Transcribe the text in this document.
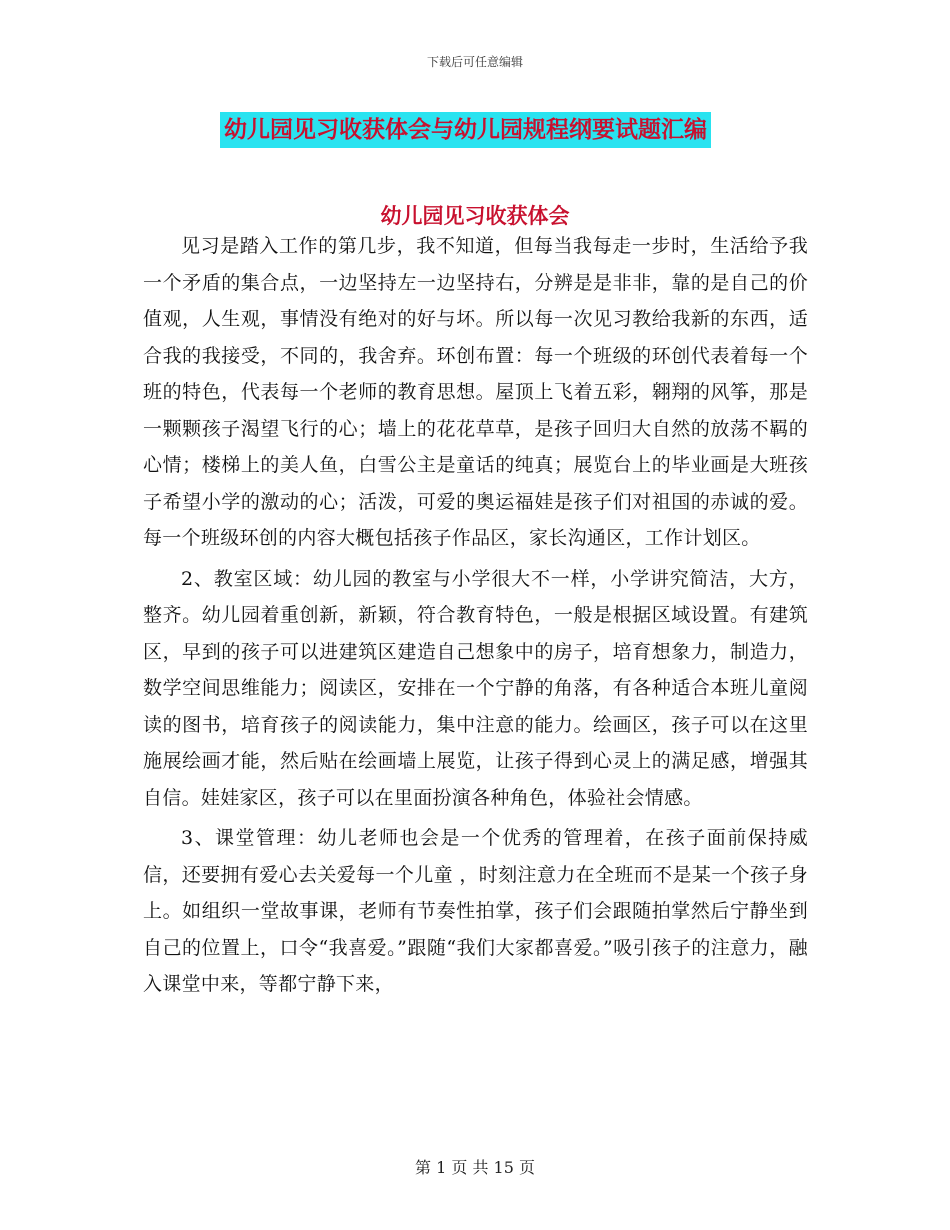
下载后可任意编辑
幼儿园见习收获体会与幼儿园规程纲要试题汇编
幼儿园见习收获体会

见习是踏入工作的第几步，我不知道，但每当我每走一步时，生活给予我一个矛盾的集合点，一边坚持左一边坚持右，分辨是是非非，靠的是自己的价值观，人生观，事情没有绝对的好与坏。所以每一次见习教给我新的东西，适合我的我接受，不同的，我舍弃。环创布置：每一个班级的环创代表着每一个班的特色，代表每一个老师的教育思想。屋顶上飞着五彩，翱翔的风筝，那是一颗颗孩子渴望飞行的心；墙上的花花草草，是孩子回归大自然的放荡不羁的心情；楼梯上的美人鱼，白雪公主是童话的纯真；展览台上的毕业画是大班孩子希望小学的激动的心；活泼，可爱的奥运福娃是孩子们对祖国的赤诚的爱。每一个班级环创的内容大概包括孩子作品区，家长沟通区，工作计划区。

2、教室区域：幼儿园的教室与小学很大不一样，小学讲究简洁，大方，整齐。幼儿园着重创新，新颖，符合教育特色，一般是根据区域设置。有建筑区，早到的孩子可以进建筑区建造自己想象中的房子，培育想象力，制造力，数学空间思维能力；阅读区，安排在一个宁静的角落，有各种适合本班儿童阅读的图书，培育孩子的阅读能力，集中注意的能力。绘画区，孩子可以在这里施展绘画才能，然后贴在绘画墙上展览，让孩子得到心灵上的满足感，增强其自信。娃娃家区，孩子可以在里面扮演各种角色，体验社会情感。

3、课堂管理：幼儿老师也会是一个优秀的管理着，在孩子面前保持威信，还要拥有爱心去关爱每一个儿童 ，时刻注意力在全班而不是某一个孩子身上。如组织一堂故事课，老师有节奏性拍掌，孩子们会跟随拍掌然后宁静坐到自己的位置上，口令“我喜爱。”跟随“我们大家都喜爱。”吸引孩子的注意力，融入课堂中来，等都宁静下来，

第 1 页 共 15 页
